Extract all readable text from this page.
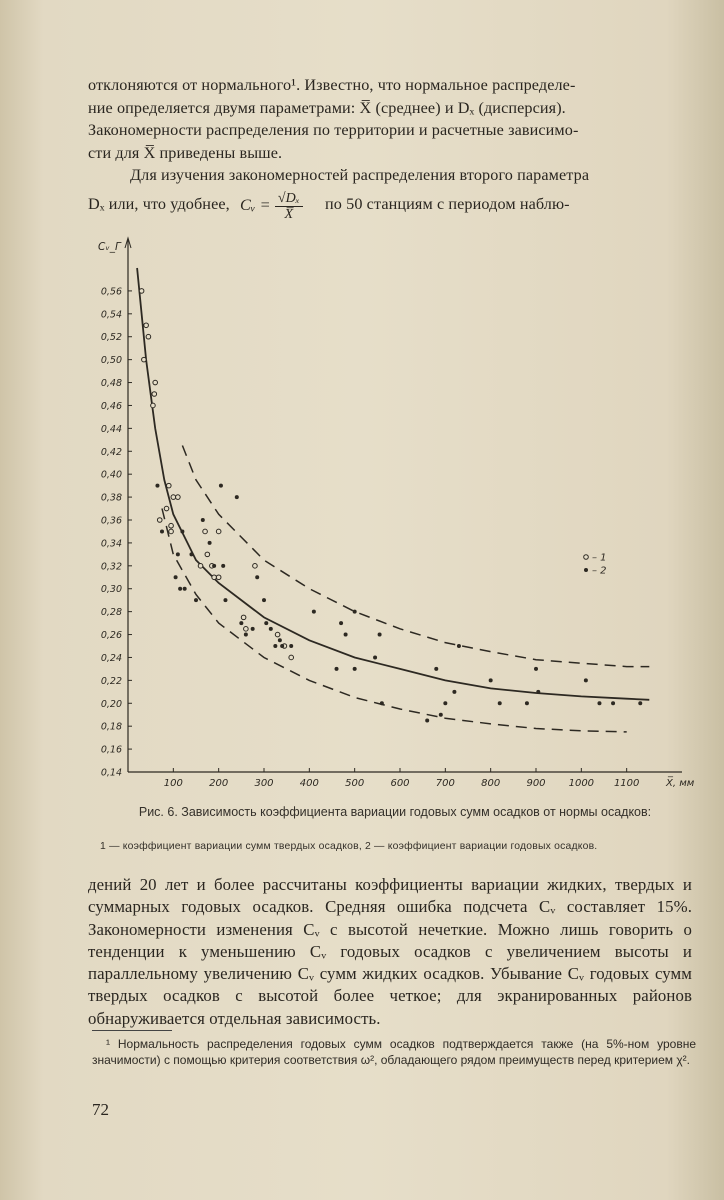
отклоняются от нормального¹. Известно, что нормальное распределе-
ние определяется двумя параметрами: X̅ (среднее) и Dₓ (дисперсия).
Закономерности распределения по территории и расчетные зависимо-
сти для X̅ приведены выше.
Для изучения закономерностей распределения второго параметра
Dₓ или, что удобнее, Cᵥ = $\frac{\text{√Dₓ}}{X̅}$ по 50 станциям с периодом наблю-
0,14
0,16
0,18
0,20
0,22
0,24
0,26
0,28
0,30
0,32
0,34
0,36
0,38
0,40
0,42
0,44
0,46
0,48
0,50
0,52
0,54
0,56
Cᵥ_Г
100	200	300	400	500	600	700	800	900 1000 1100	X̅, мм
– 1
– 2
Рис. 6. Зависимость коэффициента вариации годовых сумм осадков от нормы осадков:
1 — коэффициент вариации сумм твердых осадков, 2 — коэффициент вариации годовых осадков.
дений 20 лет и более рассчитаны коэффициенты вариации жидких, твердых и суммарных годовых осадков. Средняя ошибка подсчета Cᵥ составляет 15%. Закономерности изменения Cᵥ с высотой нечеткие. Можно лишь говорить о тенденции к уменьшению Cᵥ годовых осадков с увеличением высоты и параллельному увеличению Cᵥ сумм жидких осадков. Убывание Cᵥ годовых сумм твердых осадков с высотой более четкое; для экранированных районов обнаруживается отдельная зависимость.
¹ Нормальность распределения годовых сумм осадков подтверждается также (на 5%-ном уровне значимости) с помощью критерия соответствия ω², обладающего рядом преимуществ перед критерием χ².
72
